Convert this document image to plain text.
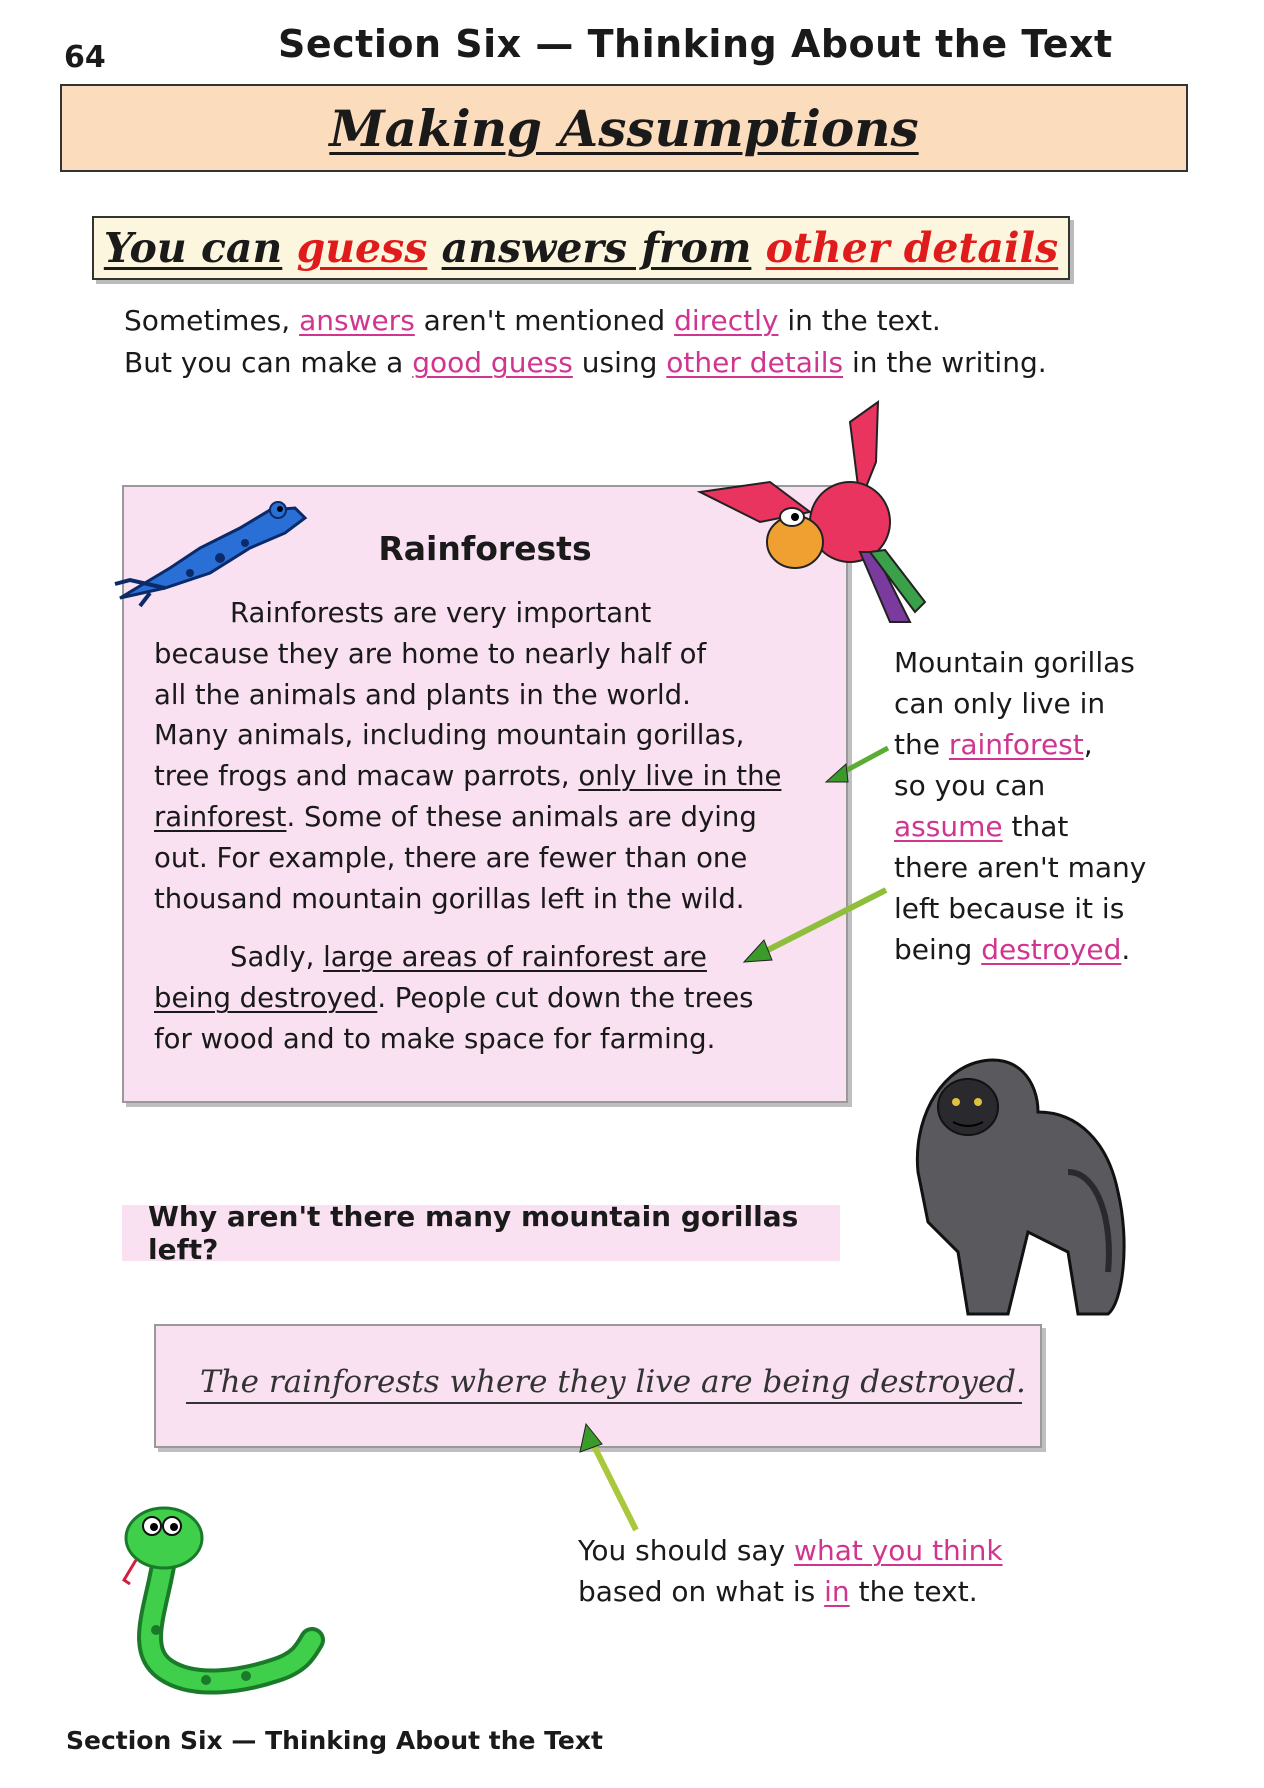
64	Section Six — Thinking About the Text
Making Assumptions
You can
guess
answers from
other details
Sometimes, answers aren't mentioned directly in the text.
But you can make a good guess using other details in the writing.
Rainforests
Rainforests are very important
because they are home to nearly half of
all the animals and plants in the world.
Many animals, including mountain gorillas,
tree frogs and macaw parrots, only live in the
rainforest. Some of these animals are dying
out. For example, there are fewer than one
thousand mountain gorillas left in the wild.
Sadly, large areas of rainforest are
being destroyed. People cut down the trees
for wood and to make space for farming.
Mountain gorillas
can only live in
the rainforest,
so you can
assume that
there aren't many
left because it is
being destroyed.
Why aren't there many mountain gorillas left?
The rainforests where they live are being destroyed.
You should say what you think
based on what is in the text.
Section Six — Thinking About the Text
